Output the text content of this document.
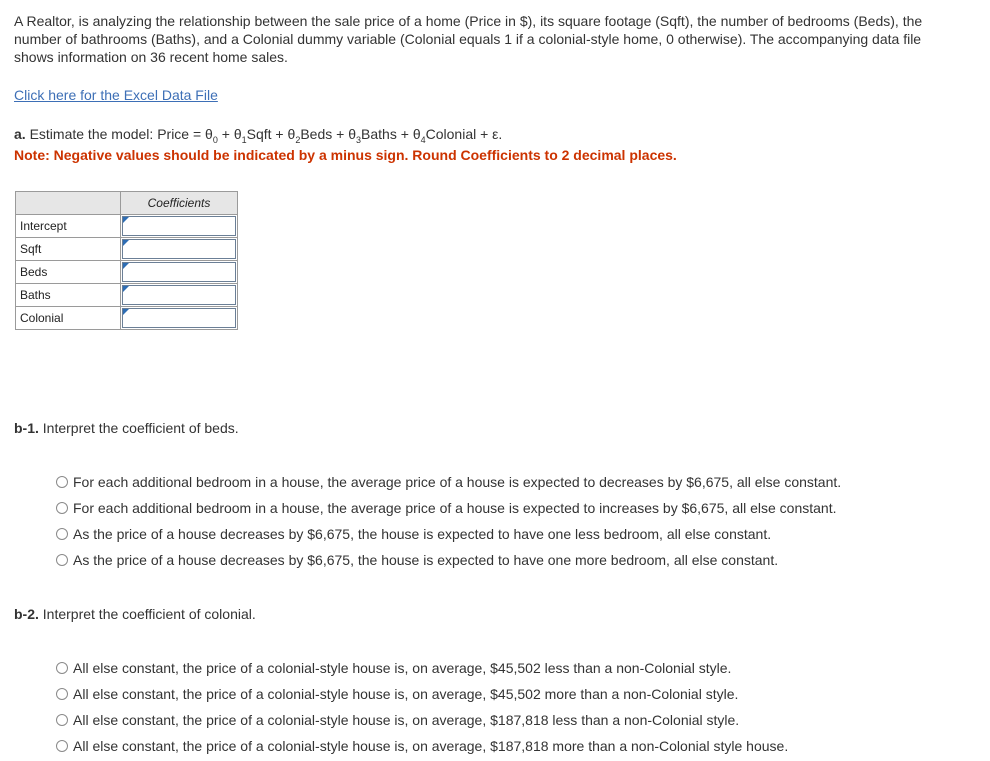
A Realtor, is analyzing the relationship between the sale price of a home (Price in $), its square footage (Sqft), the number of bedrooms (Beds), the number of bathrooms (Baths), and a Colonial dummy variable (Colonial equals 1 if a colonial-style home, 0 otherwise). The accompanying data file shows information on 36 recent home sales.
Click here for the Excel Data File
a. Estimate the model: Price = $\theta_0$ + $\theta_1Sqft$ + $\theta_2Beds$ + $\theta_3Baths$ + $\theta_4Colonial + \varepsilon$.
Note: Negative values should be indicated by a minus sign. Round Coefficients to 2 decimal places.
	Coefficients
Intercept	

Sqft	

Beds	

Baths	

Colonial	
b-1. Interpret the coefficient of beds.
For each additional bedroom in a house, the average price of a house is expected to decreases by $6,675, all else constant.
For each additional bedroom in a house, the average price of a house is expected to increases by $6,675, all else constant.
As the price of a house decreases by $6,675, the house is expected to have one less bedroom, all else constant.
As the price of a house decreases by $6,675, the house is expected to have one more bedroom, all else constant.
b-2. Interpret the coefficient of colonial.
All else constant, the price of a colonial-style house is, on average, $45,502 less than a non-Colonial style.
All else constant, the price of a colonial-style house is, on average, $45,502 more than a non-Colonial style.
All else constant, the price of a colonial-style house is, on average, $187,818 less than a non-Colonial style.
All else constant, the price of a colonial-style house is, on average, $187,818 more than a non-Colonial style house.
